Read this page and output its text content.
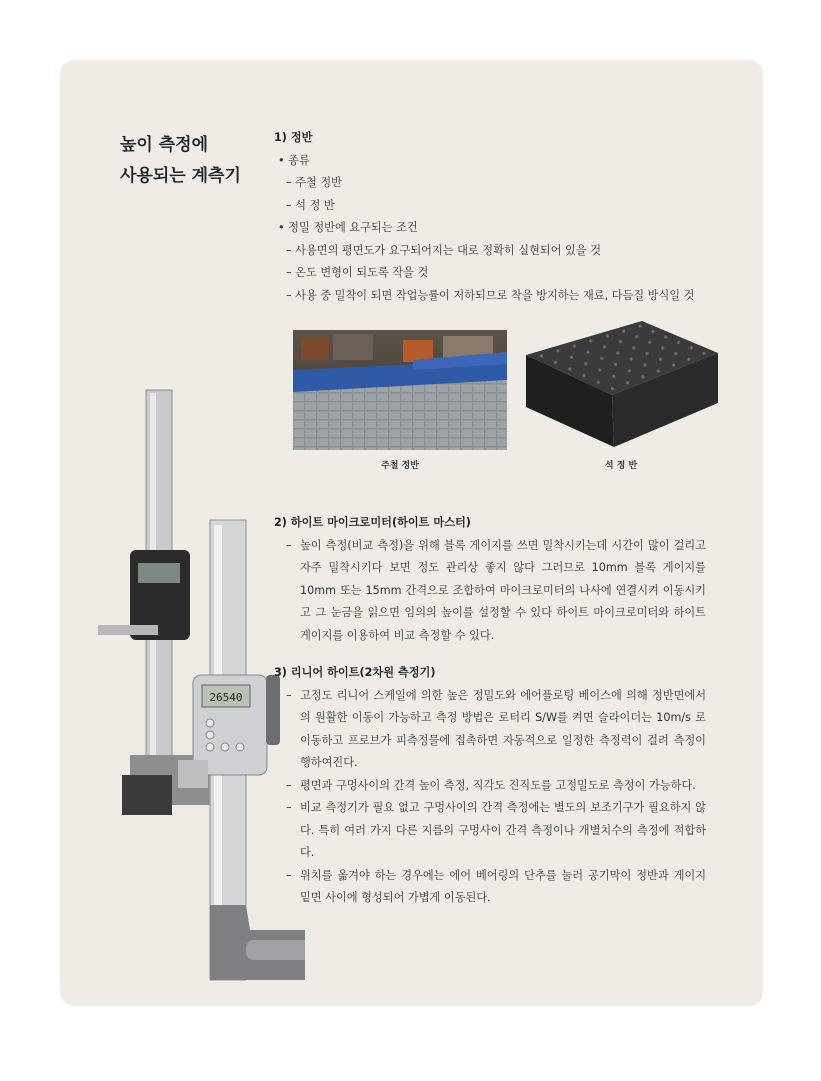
높이 측정에
사용되는 계측기
1) 정반
• 종류
– 주철 정반
– 석 정 반
• 정밀 정반에 요구되는 조건
– 사용면의 평면도가 요구되어지는 대로 정확히 실현되어 있을 것
– 온도 변형이 되도록 작을 것
– 사용 중 밀착이 되면 작업능률이 저하되므로 착을 방지하는 재료, 다듬질 방식일 것
주철 정반	석 정 반
26540
2) 하이트 마이크로미터(하이트 마스터)
– 높이 측정(비교 측정)을 위해 블록 게이지를 쓰면 밀착시키는데 시간이 많이 걸리고 자주 밀착시키다 보면 정도 관리상 좋지 않다 그러므로 10mm 블록 게이지를 10mm 또는 15mm 간격으로 조합하여 마이크로미터의 나사에 연결시켜 이동시키고 그 눈금을 읽으면 임의의 높이를 설정할 수 있다 하이트 마이크로미터와 하이트 게이지를 이용하여 비교 측정할 수 있다.
3) 리니어 하이트(2차원 측정기)
– 고정도 리니어 스케일에 의한 높은 정밀도와 에어플로팅 베이스에 의해 정반면에서의 원활한 이동이 가능하고 측정 방법은 로터리 S/W를 켜면 슬라이더는 10m/s 로 이동하고 프로브가 피측정물에 접촉하면 자동적으로 일정한 측정력이 걸려 측정이 행하여진다.
– 평면과 구멍사이의 간격 높이 측정, 직각도 진직도를 고정밀도로 측정이 가능하다.
– 비교 측정기가 필요 없고 구멍사이의 간격 측정에는 별도의 보조기구가 필요하지 않다. 특히 여러 가지 다른 지름의 구멍사이 간격 측정이나 개별치수의 측정에 적합하다.
– 위치를 옮겨야 하는 경우에는 에어 베어링의 단추를 눌러 공기막이 정반과 게이지 밑면 사이에 형성되어 가볍게 이동된다.
